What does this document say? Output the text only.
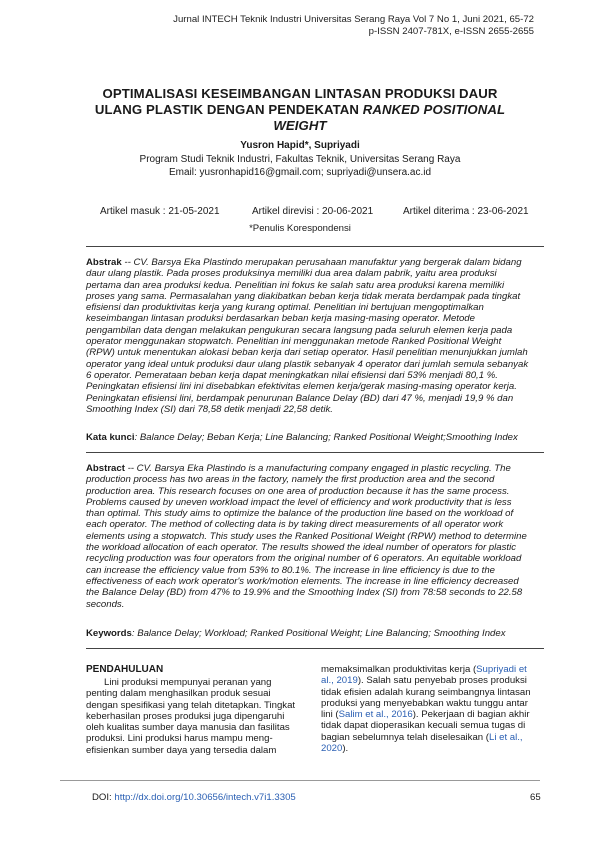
Jurnal INTECH Teknik Industri Universitas Serang Raya Vol 7 No 1, Juni 2021, 65-72
p-ISSN 2407-781X, e-ISSN 2655-2655
OPTIMALISASI KESEIMBANGAN LINTASAN PRODUKSI DAUR
ULANG PLASTIK DENGAN PENDEKATAN RANKED POSITIONAL
WEIGHT
Yusron Hapid*, Supriyadi
Program Studi Teknik Industri, Fakultas Teknik, Universitas Serang Raya
Email: yusronhapid16@gmail.com; supriyadi@unsera.ac.id
Artikel masuk : 21-05-2021	Artikel direvisi : 20-06-2021	Artikel diterima : 23-06-2021
*Penulis Korespondensi
Abstrak -- CV. Barsya Eka Plastindo merupakan perusahaan manufaktur yang bergerak dalam bidang
daur ulang plastik. Pada proses produksinya memiliki dua area dalam pabrik, yaitu area produksi
pertama dan area produksi kedua. Penelitian ini fokus ke salah satu area produksi karena memiliki
proses yang sama. Permasalahan yang diakibatkan beban kerja tidak merata berdampak pada tingkat
efisiensi dan produktivitas kerja yang kurang optimal. Penelitian ini bertujuan mengoptimalkan
keseimbangan lintasan produksi berdasarkan beban kerja masing-masing operator. Metode
pengambilan data dengan melakukan pengukuran secara langsung pada seluruh elemen kerja pada
operator menggunakan stopwatch. Penelitian ini menggunakan metode Ranked Positional Weight
(RPW) untuk menentukan alokasi beban kerja dari setiap operator. Hasil penelitian menunjukkan jumlah
operator yang ideal untuk produksi daur ulang plastik sebanyak 4 operator dari jumlah semula sebanyak
6 operator. Pemerataan beban kerja dapat meningkatkan nilai efisiensi dari 53% menjadi 80,1 %.
Peningkatan efisiensi lini ini disebabkan efektivitas elemen kerja/gerak masing-masing operator kerja.
Peningkatan efisiensi lini, berdampak penurunan Balance Delay (BD) dari 47 %, menjadi 19,9 % dan
Smoothing Index (SI) dari 78,58 detik menjadi 22,58 detik.
Kata kunci: Balance Delay; Beban Kerja; Line Balancing; Ranked Positional Weight;Smoothing Index
Abstract -- CV. Barsya Eka Plastindo is a manufacturing company engaged in plastic recycling. The
production process has two areas in the factory, namely the first production area and the second
production area. This research focuses on one area of production because it has the same process.
Problems caused by uneven workload impact the level of efficiency and work productivity that is less
than optimal. This study aims to optimize the balance of the production line based on the workload of
each operator. The method of collecting data is by taking direct measurements of all operator work
elements using a stopwatch. This study uses the Ranked Positional Weight (RPW) method to determine
the workload allocation of each operator. The results showed the ideal number of operators for plastic
recycling production was four operators from the original number of 6 operators. An equitable workload
can increase the efficiency value from 53% to 80.1%. The increase in line efficiency is due to the
effectiveness of each work operator's work/motion elements. The increase in line efficiency decreased
the Balance Delay (BD) from 47% to 19.9% and the Smoothing Index (SI) from 78:58 seconds to 22.58
seconds.
Keywords: Balance Delay; Workload; Ranked Positional Weight; Line Balancing; Smoothing Index
PENDAHULUAN
Lini produksi mempunyai peranan yang
penting dalam menghasilkan produk sesuai
dengan spesifikasi yang telah ditetapkan. Tingkat
keberhasilan proses produksi juga dipengaruhi
oleh kualitas sumber daya manusia dan fasilitas
produksi. Lini produksi harus mampu meng-
efisienkan sumber daya yang tersedia dalam
memaksimalkan produktivitas kerja (Supriyadi et
al., 2019). Salah satu penyebab proses produksi
tidak efisien adalah kurang seimbangnya lintasan
produksi yang menyebabkan waktu tunggu antar
lini (Salim et al., 2016). Pekerjaan di bagian akhir
tidak dapat dioperasikan kecuali semua tugas di
bagian sebelumnya telah diselesaikan (Li et al.,
2020).
DOI: http://dx.doi.org/10.30656/intech.v7i1.3305	65
